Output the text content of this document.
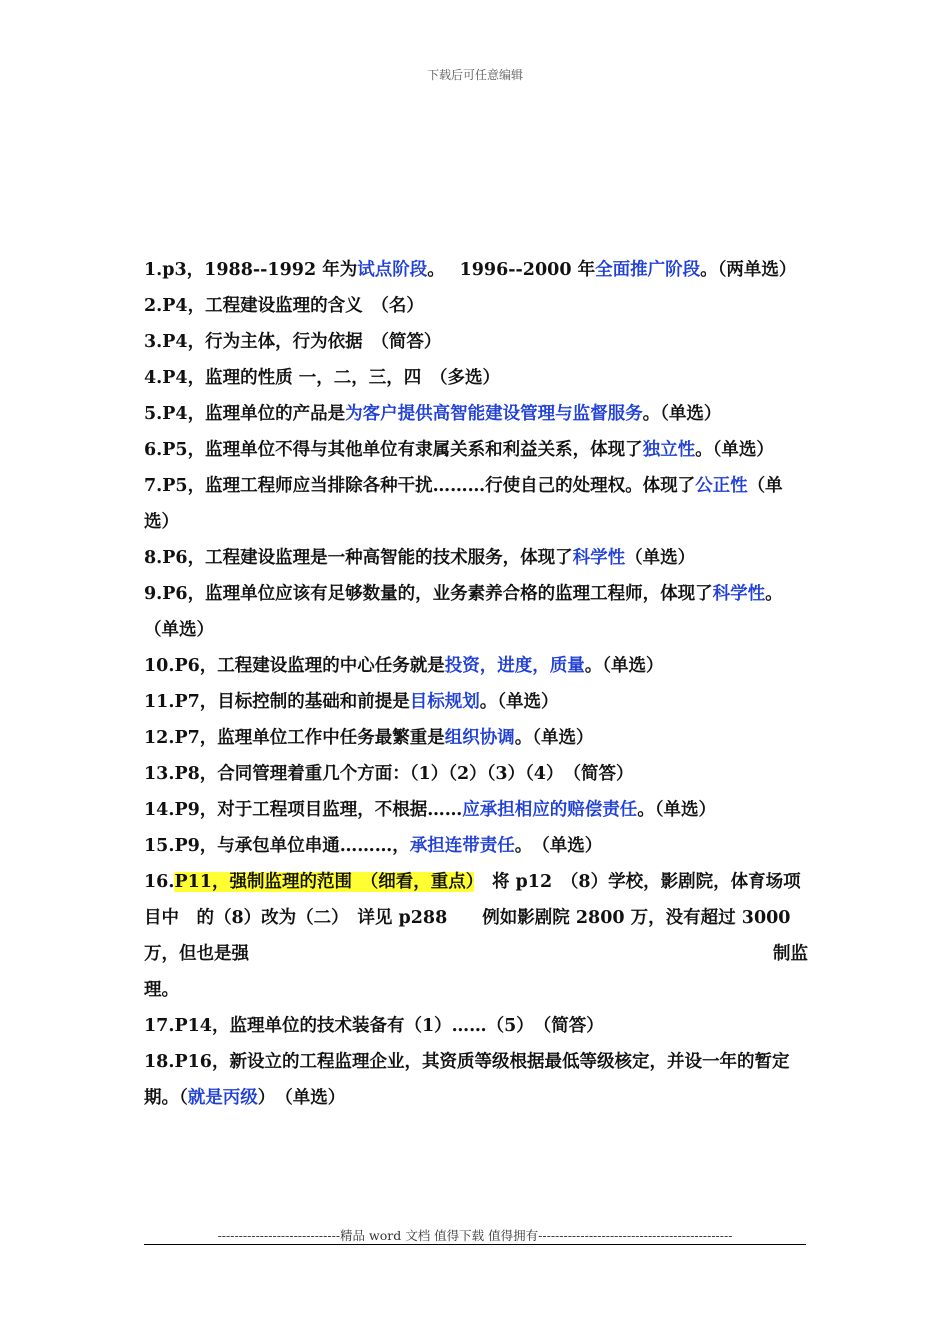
下载后可任意编辑

1.p3，1988--1992 年为试点阶段。　 1996--2000 年全面推广阶段。（两单选）

2.P4，工程建设监理的含义　（名）

3.P4，行为主体，行为依据　（简答）

4.P4，监理的性质 一，二，三，四　（多选）

5.P4，监理单位的产品是为客户提供高智能建设管理与监督服务。（单选）

6.P5，监理单位不得与其他单位有隶属关系和利益关系，体现了独立性。（单选）

7.P5，监理工程师应当排除各种干扰………行使自己的处理权。体现了公正性（单选）

8.P6，工程建设监理是一种高智能的技术服务，体现了科学性（单选）

9.P6，监理单位应该有足够数量的，业务素养合格的监理工程师，体现了科学性。（单选）

10.P6，工程建设监理的中心任务就是投资，进度，质量。（单选）

11.P7，目标控制的基础和前提是目标规划。（单选）

12.P7，监理单位工作中任务最繁重是组织协调。（单选）

13.P8，合同管理着重几个方面：（1）（2）（3）（4）　（简答）

14.P9，对于工程项目监理，不根据……应承担相应的赔偿责任。（单选）

15.P9，与承包单位串通………，承担连带责任。　（单选）

16.P11，强制监理的范围　（细看，重点）　将 p12　（8）学校，影剧院，体育场项目中　的（8）改为（二）　详见 p288　　例如影剧院 2800 万，没有超过 3000 万，但也是强	制监

理。

17.P14，监理单位的技术装备有（1）……（5）　（简答）

18.P16，新设立的工程监理企业，其资质等级根据最低等级核定，并设一年的暂定期。（就是丙级）　（单选）

-----------------------------精品 word 文档 值得下载 值得拥有----------------------------------------------
